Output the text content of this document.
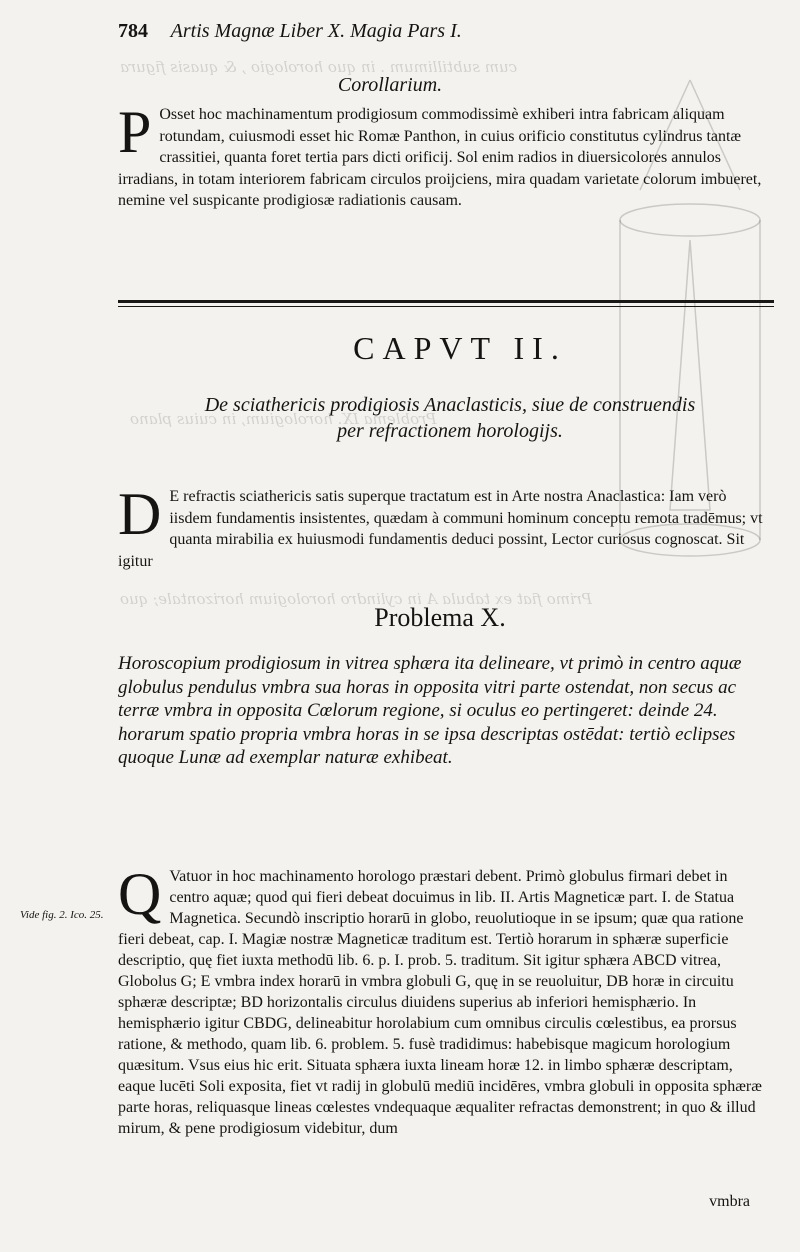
cum subtillimum . in quo horologio , & quasis figura
Problema IX. horologium, in cuius plano
Primo fiat ex tabula A in cylindro horologium horizontale; quo
784 Artis Magnæ Liber X. Magia Pars I.
Corollarium.
P Osset hoc machinamentum prodigiosum commodissimè exhiberi intra fabricam aliquam rotundam, cuiusmodi esset hic Romæ Panthon, in cuius orificio constitutus cylindrus tantæ crassitiei, quanta foret tertia pars dicti orificij. Sol enim radios in diuersicolores annulos irradians, in totam interiorem fabricam circulos proijciens, mira quadam varietate colorum imbueret, nemine vel suspicante prodigiosæ radiationis causam.
CAPVT II.
De sciathericis prodigiosis Anaclasticis, siue de construendis
per refractionem horologijs.
D E refractis sciathericis satis superque tractatum est in Arte nostra Anaclastica: Iam verò iisdem fundamentis insistentes, quædam à communi hominum conceptu remota tradēmus; vt quanta mirabilia ex huiusmodi fundamentis deduci possint, Lector curiosus cognoscat. Sit igitur
Problema X.
Horoscopium prodigiosum in vitrea sphæra ita delineare, vt primò in centro aquæ globulus pendulus vmbra sua horas in opposita vitri parte ostendat, non secus ac terræ vmbra in opposita Cœlorum regione, si oculus eo pertingeret: deinde 24. horarum spatio propria vmbra horas in se ipsa descriptas ostēdat: tertiò eclipses quoque Lunæ ad exemplar naturæ exhibeat.
Vide fig. 2. Ico. 25. Q Vatuor in hoc machinamento horologo præstari debent. Primò globulus firmari debet in centro aquæ; quod qui fieri debeat docuimus in lib. II. Artis Magneticæ part. I. de Statua Magnetica. Secundò inscriptio horarū in globo, reuolutioque in se ipsum; quæ qua ratione fieri debeat, cap. I. Magiæ nostræ Magneticæ traditum est. Tertiò horarum in sphæræ superficie descriptio, quę fiet iuxta methodū lib. 6. p. I. prob. 5. traditum. Sit igitur sphæra ABCD vitrea, Globolus G; E vmbra index horarū in vmbra globuli G, quę in se reuoluitur, DB horæ in circuitu sphæræ descriptæ; BD horizontalis circulus diuidens superius ab inferiori hemisphærio. In hemisphærio igitur CBDG, delineabitur horolabium cum omnibus circulis cœlestibus, ea prorsus ratione, & methodo, quam lib. 6. problem. 5. fusè tradidimus: habebisque magicum horologium quæsitum. Vsus eius hic erit. Situata sphæra iuxta lineam horæ 12. in limbo sphæræ descriptam, eaque lucēti Soli exposita, fiet vt radij in globulū mediū incidēres, vmbra globuli in opposita sphæræ parte horas, reliquasque lineas cœlestes vndequaque æqualiter refractas demonstrent; in quo & illud mirum, & pene prodigiosum videbitur, dum
vmbra
